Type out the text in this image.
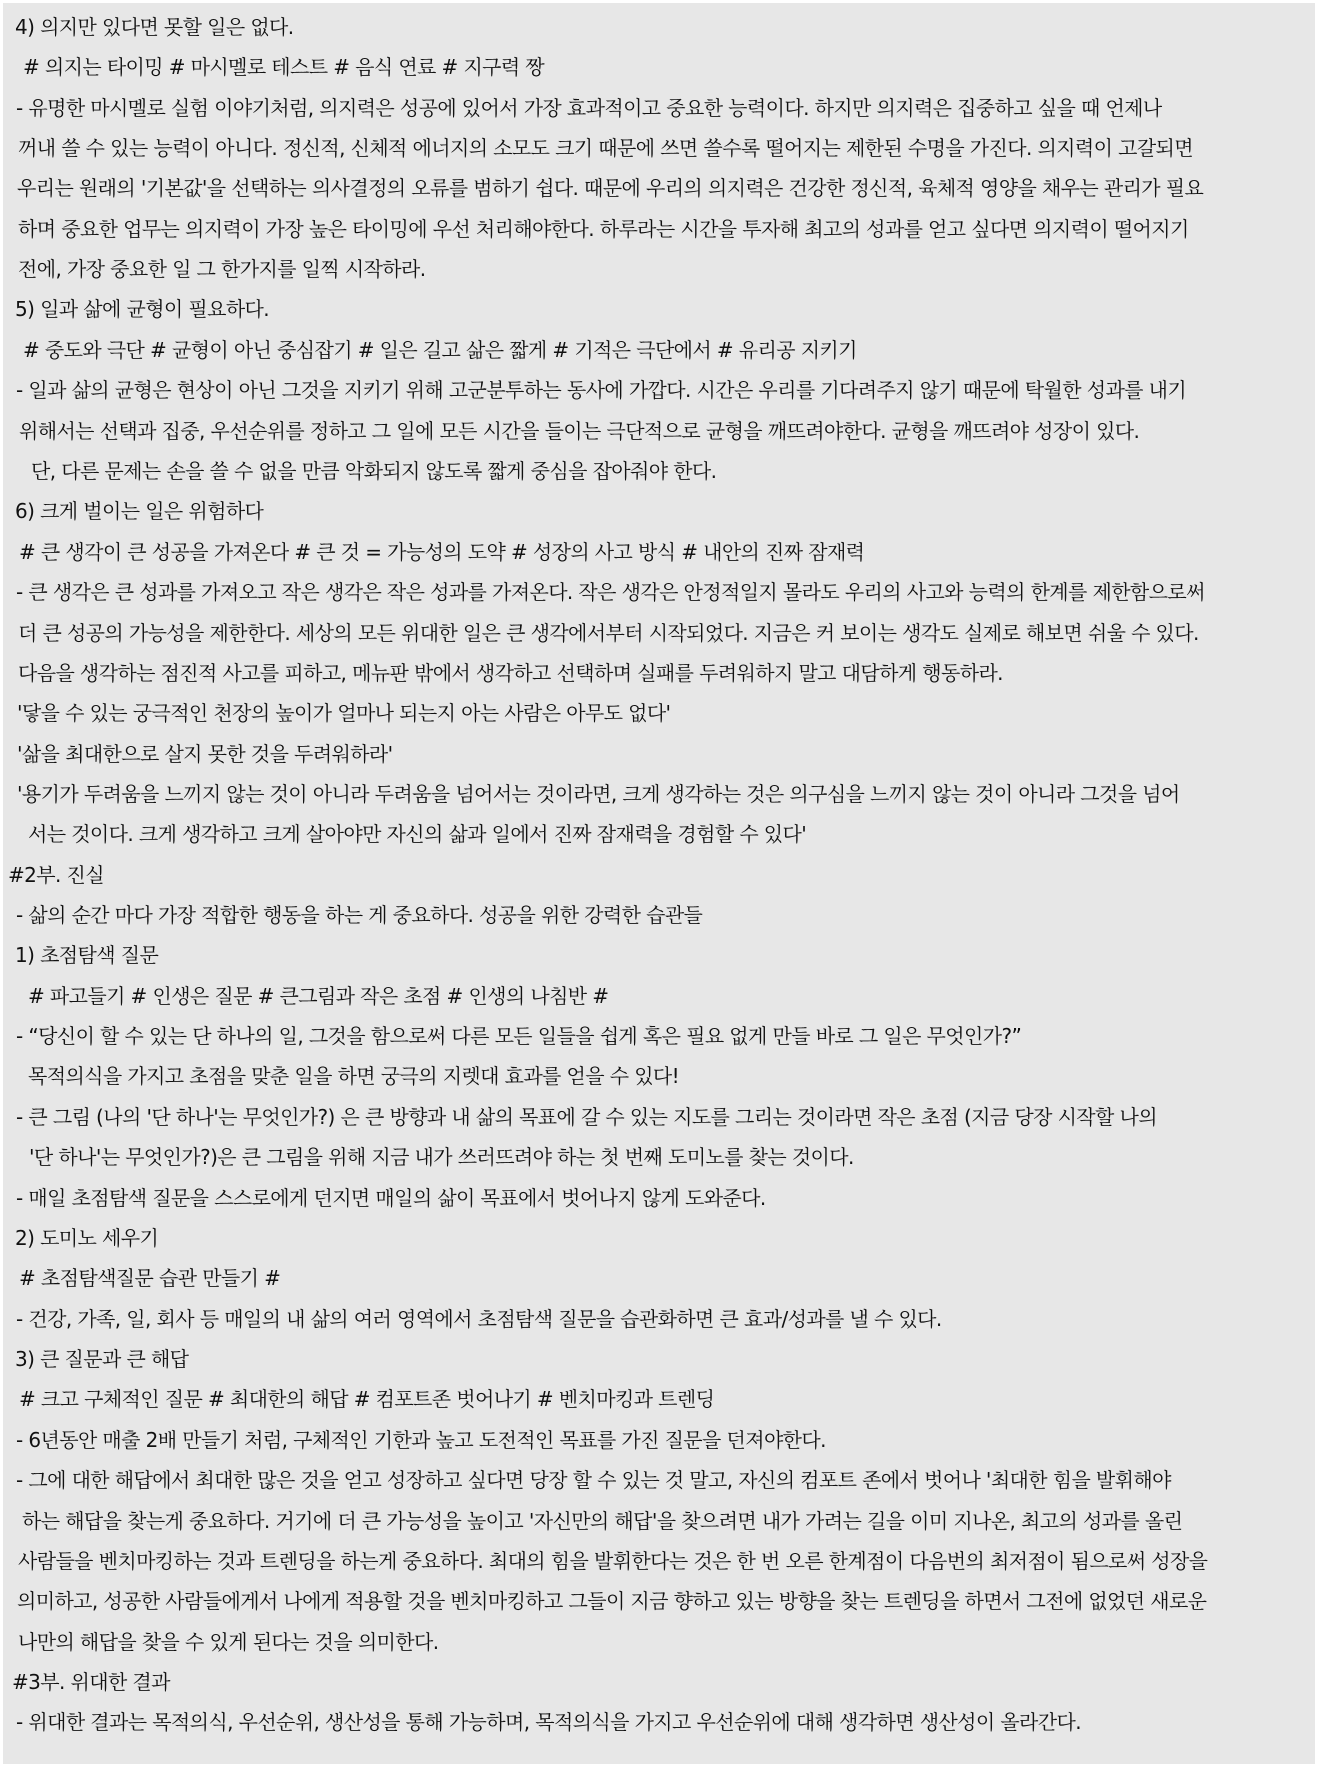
4) 의지만 있다면 못할 일은 없다.
# 의지는 타이밍 # 마시멜로 테스트 # 음식 연료 # 지구력 짱
- 유명한 마시멜로 실험 이야기처럼, 의지력은 성공에 있어서 가장 효과적이고 중요한 능력이다. 하지만 의지력은 집중하고 싶을 때 언제나
꺼내 쓸 수 있는 능력이 아니다. 정신적, 신체적 에너지의 소모도 크기 때문에 쓰면 쓸수록 떨어지는 제한된 수명을 가진다. 의지력이 고갈되면
우리는 원래의 '기본값'을 선택하는 의사결정의 오류를 범하기 쉽다. 때문에 우리의 의지력은 건강한 정신적, 육체적 영양을 채우는 관리가 필요
하며 중요한 업무는 의지력이 가장 높은 타이밍에 우선 처리해야한다. 하루라는 시간을 투자해 최고의 성과를 얻고 싶다면 의지력이 떨어지기
전에, 가장 중요한 일 그 한가지를 일찍 시작하라.
5) 일과 삶에 균형이 필요하다.
# 중도와 극단 # 균형이 아닌 중심잡기 # 일은 길고 삶은 짧게 # 기적은 극단에서 # 유리공 지키기
- 일과 삶의 균형은 현상이 아닌 그것을 지키기 위해 고군분투하는 동사에 가깝다. 시간은 우리를 기다려주지 않기 때문에 탁월한 성과를 내기
위해서는 선택과 집중, 우선순위를 정하고 그 일에 모든 시간을 들이는 극단적으로 균형을 깨뜨려야한다. 균형을 깨뜨려야 성장이 있다.
단, 다른 문제는 손을 쓸 수 없을 만큼 악화되지 않도록 짧게 중심을 잡아줘야 한다.
6) 크게 벌이는 일은 위험하다
# 큰 생각이 큰 성공을 가져온다 # 큰 것 = 가능성의 도약 # 성장의 사고 방식 # 내안의 진짜 잠재력
- 큰 생각은 큰 성과를 가져오고 작은 생각은 작은 성과를 가져온다. 작은 생각은 안정적일지 몰라도 우리의 사고와 능력의 한계를 제한함으로써
더 큰 성공의 가능성을 제한한다. 세상의 모든 위대한 일은 큰 생각에서부터 시작되었다. 지금은 커 보이는 생각도 실제로 해보면 쉬울 수 있다.
다음을 생각하는 점진적 사고를 피하고, 메뉴판 밖에서 생각하고 선택하며 실패를 두려워하지 말고 대담하게 행동하라.
'닿을 수 있는 궁극적인 천장의 높이가 얼마나 되는지 아는 사람은 아무도 없다'
'삶을 최대한으로 살지 못한 것을 두려워하라'
'용기가 두려움을 느끼지 않는 것이 아니라 두려움을 넘어서는 것이라면, 크게 생각하는 것은 의구심을 느끼지 않는 것이 아니라 그것을 넘어
서는 것이다. 크게 생각하고 크게 살아야만 자신의 삶과 일에서 진짜 잠재력을 경험할 수 있다'
#2부. 진실
- 삶의 순간 마다 가장 적합한 행동을 하는 게 중요하다. 성공을 위한 강력한 습관들
1) 초점탐색 질문
# 파고들기 # 인생은 질문 # 큰그림과 작은 초점 # 인생의 나침반 #
- “당신이 할 수 있는 단 하나의 일, 그것을 함으로써 다른 모든 일들을 쉽게 혹은 필요 없게 만들 바로 그 일은 무엇인가?”
목적의식을 가지고 초점을 맞춘 일을 하면 궁극의 지렛대 효과를 얻을 수 있다!
- 큰 그림 (나의 '단 하나'는 무엇인가?) 은 큰 방향과 내 삶의 목표에 갈 수 있는 지도를 그리는 것이라면 작은 초점 (지금 당장 시작할 나의
'단 하나'는 무엇인가?)은 큰 그림을 위해 지금 내가 쓰러뜨려야 하는 첫 번째 도미노를 찾는 것이다.
- 매일 초점탐색 질문을 스스로에게 던지면 매일의 삶이 목표에서 벗어나지 않게 도와준다.
2) 도미노 세우기
# 초점탐색질문 습관 만들기 #
- 건강, 가족, 일, 회사 등 매일의 내 삶의 여러 영역에서 초점탐색 질문을 습관화하면 큰 효과/성과를 낼 수 있다.
3) 큰 질문과 큰 해답
# 크고 구체적인 질문 # 최대한의 해답 # 컴포트존 벗어나기 # 벤치마킹과 트렌딩
- 6년동안 매출 2배 만들기 처럼, 구체적인 기한과 높고 도전적인 목표를 가진 질문을 던져야한다.
- 그에 대한 해답에서 최대한 많은 것을 얻고 성장하고 싶다면 당장 할 수 있는 것 말고, 자신의 컴포트 존에서 벗어나 '최대한 힘을 발휘해야
하는 해답을 찾는게 중요하다. 거기에 더 큰 가능성을 높이고 '자신만의 해답'을 찾으려면 내가 가려는 길을 이미 지나온, 최고의 성과를 올린
사람들을 벤치마킹하는 것과 트렌딩을 하는게 중요하다. 최대의 힘을 발휘한다는 것은 한 번 오른 한계점이 다음번의 최저점이 됨으로써 성장을
의미하고, 성공한 사람들에게서 나에게 적용할 것을 벤치마킹하고 그들이 지금 향하고 있는 방향을 찾는 트렌딩을 하면서 그전에 없었던 새로운
나만의 해답을 찾을 수 있게 된다는 것을 의미한다.
#3부. 위대한 결과
- 위대한 결과는 목적의식, 우선순위, 생산성을 통해 가능하며, 목적의식을 가지고 우선순위에 대해 생각하면 생산성이 올라간다.
